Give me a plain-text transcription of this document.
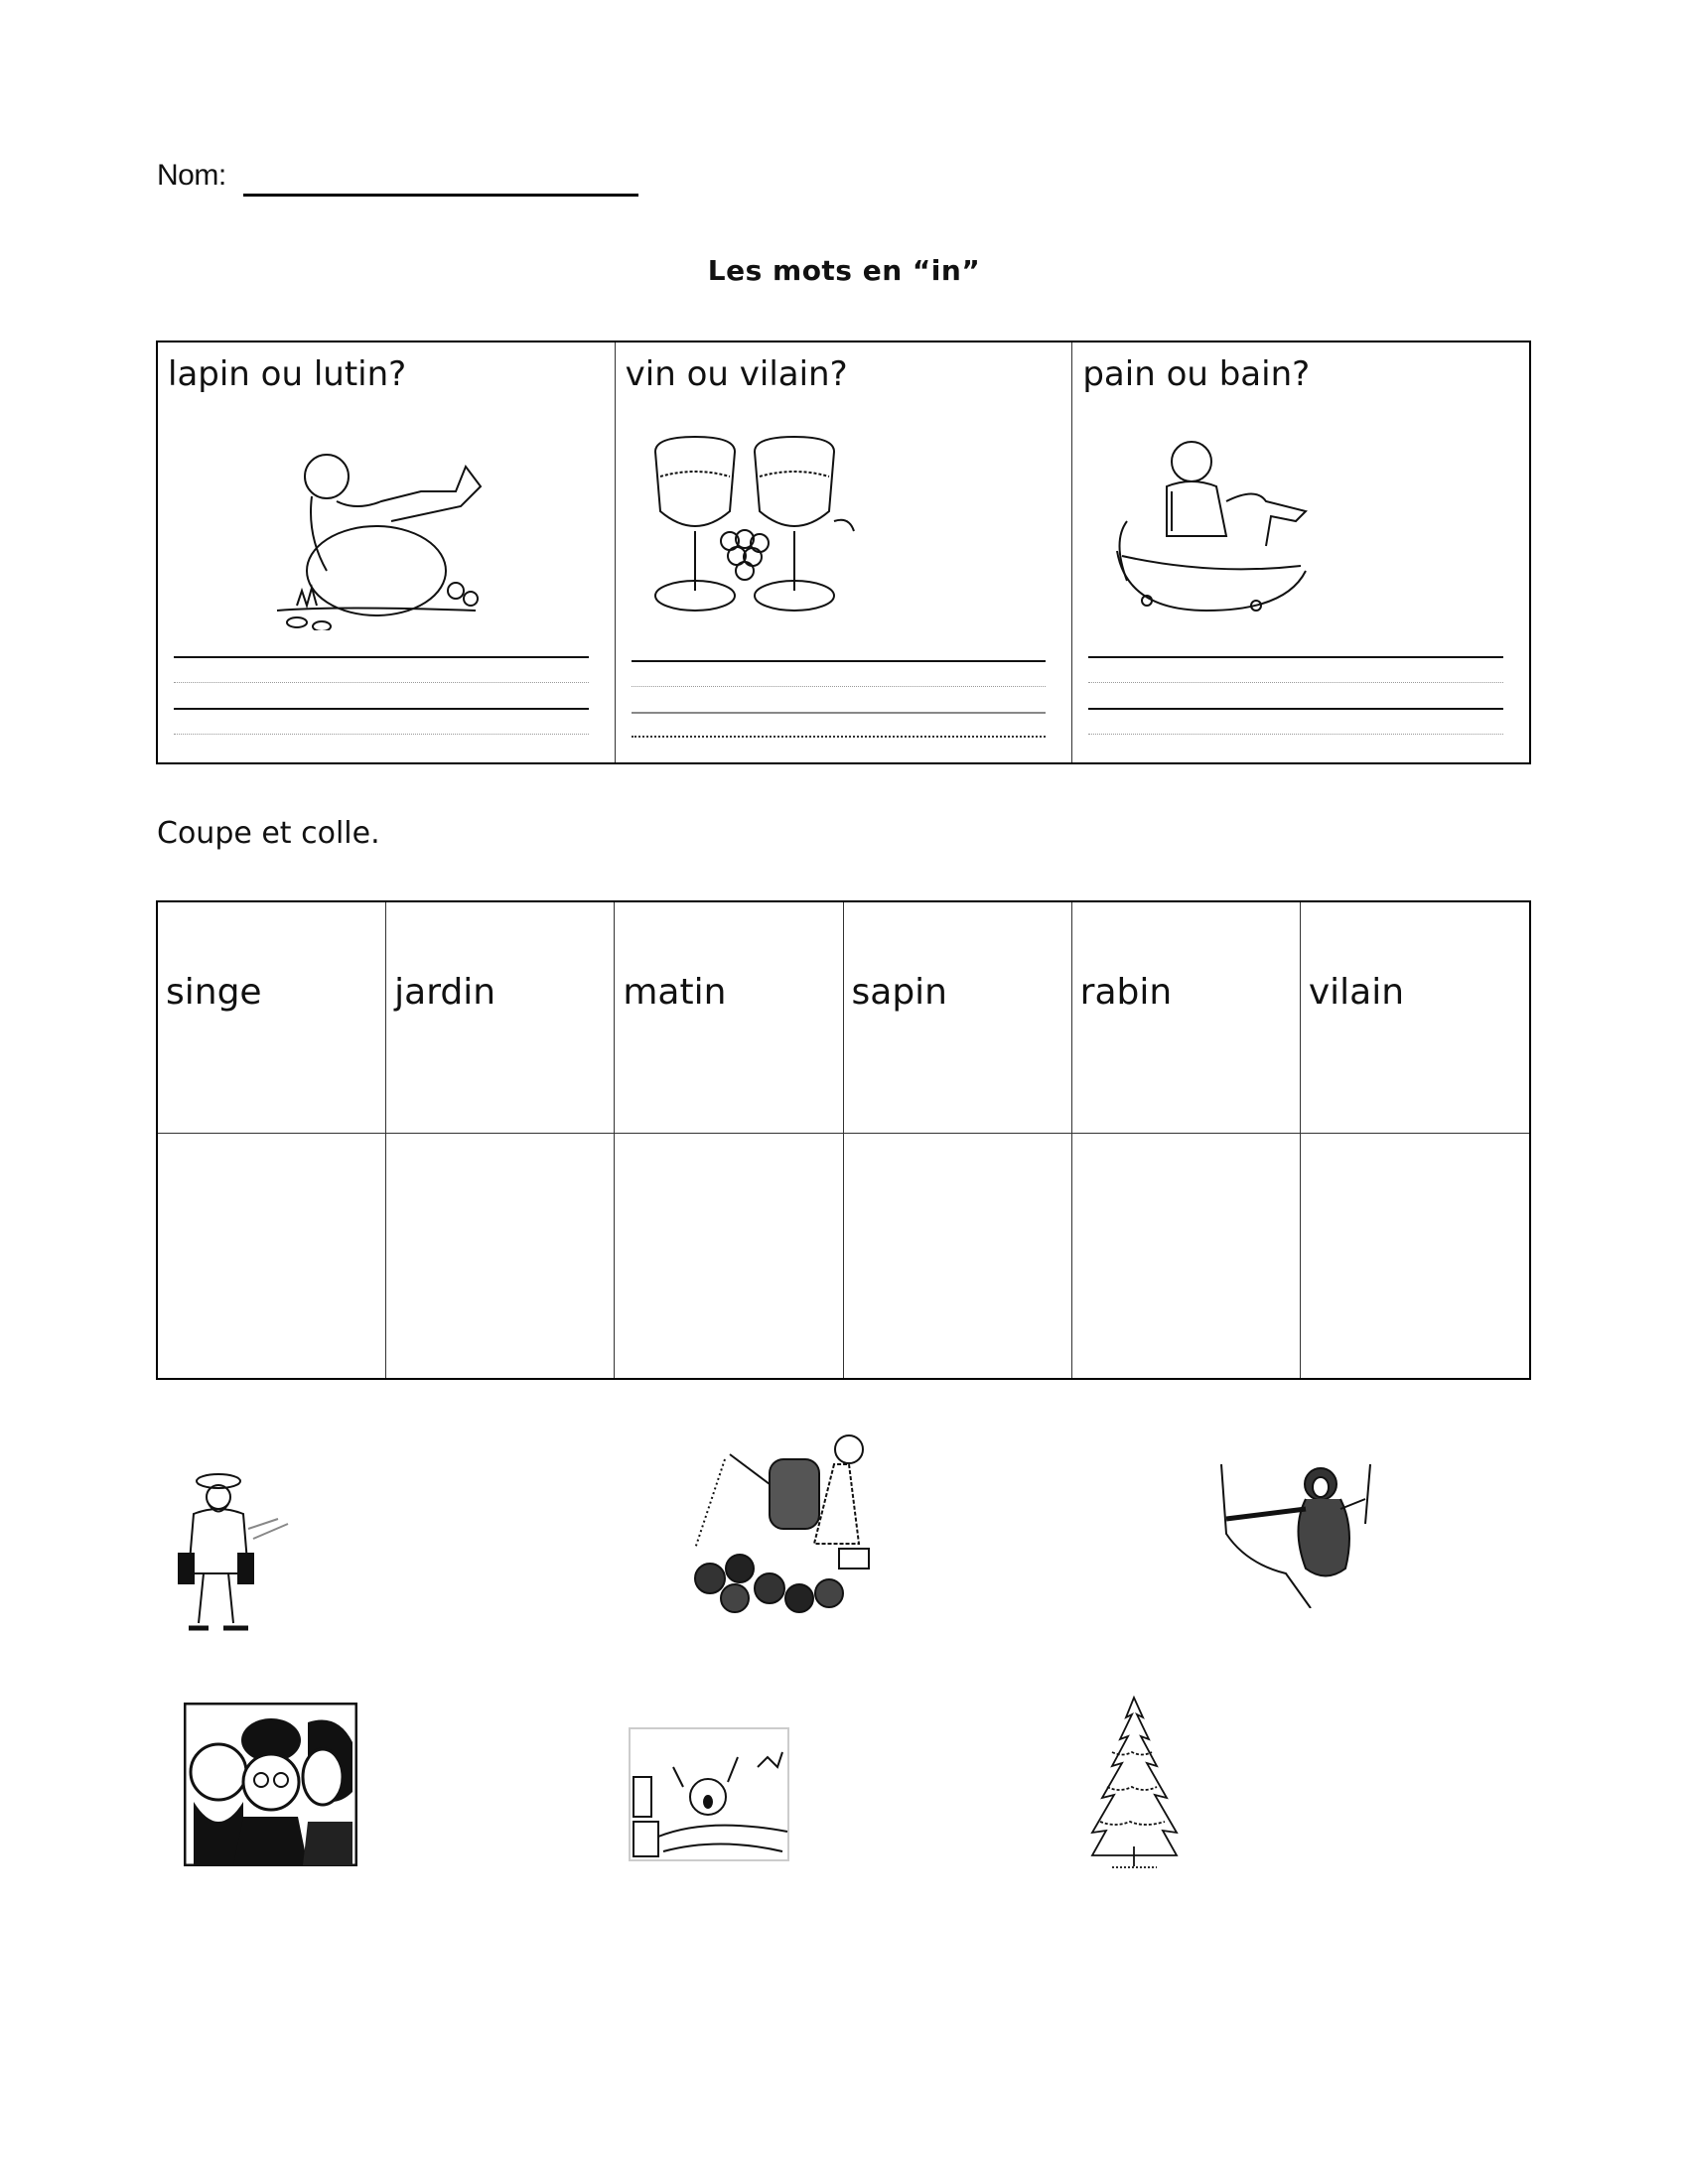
Nom:
Les mots en “in”
lapin ou lutin?	vin ou vilain?	pain ou bain?
Coupe et colle.
singe	jardin	matin	sapin	rabin	vilain
